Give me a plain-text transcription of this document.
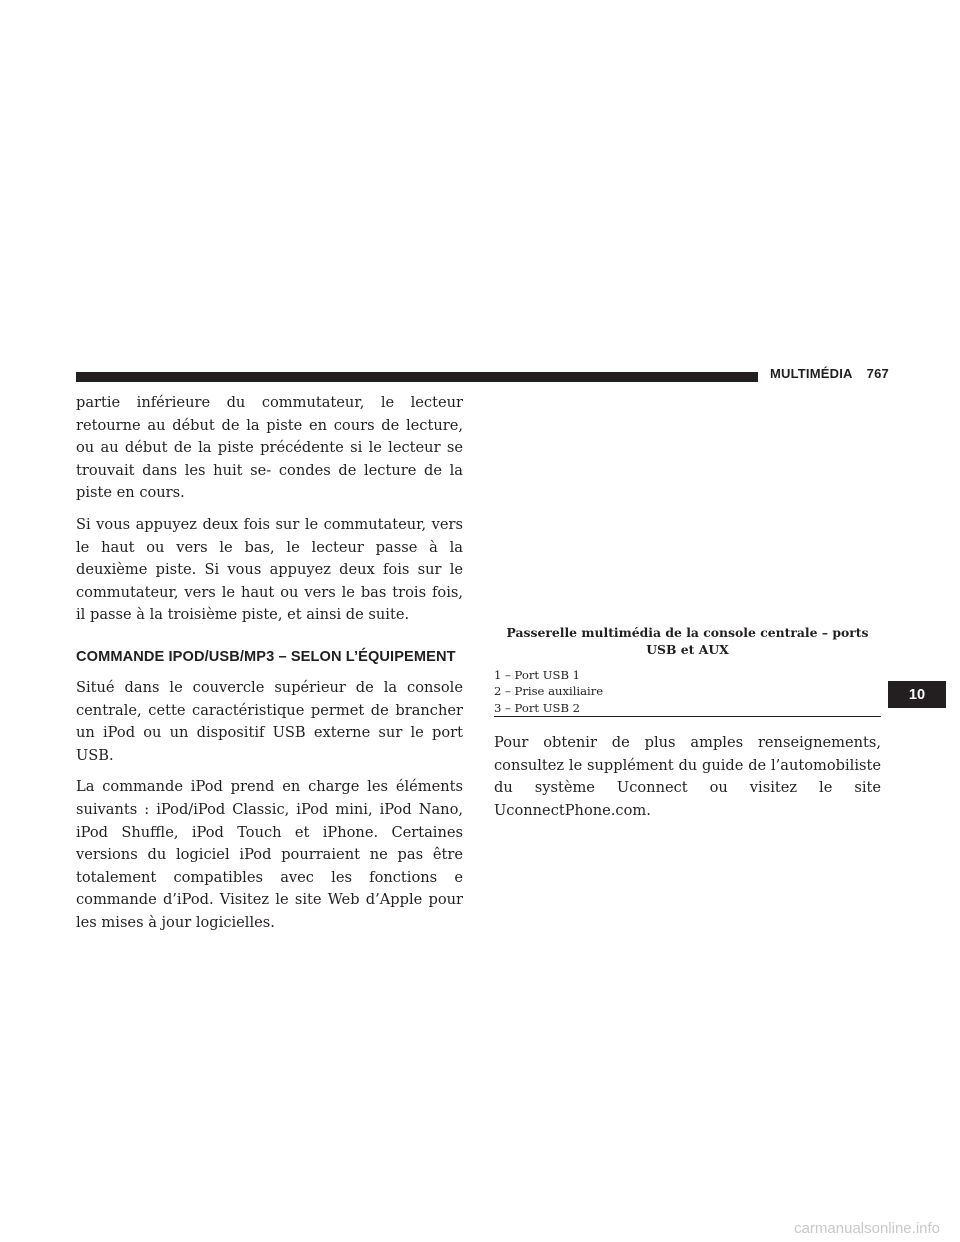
MULTIMÉDIA 767

partie inférieure du commutateur, le lecteur retourne au début de la piste en cours de lecture, ou au début de la piste précédente si le lecteur se trouvait dans les huit se- condes de lecture de la piste en cours.

Si vous appuyez deux fois sur le commutateur, vers le haut ou vers le bas, le lecteur passe à la deuxième piste. Si vous appuyez deux fois sur le commutateur, vers le haut ou vers le bas trois fois, il passe à la troisième piste, et ainsi de suite.

COMMANDE IPOD/USB/MP3 – SELON L’ÉQUIPEMENT

Situé dans le couvercle supérieur de la console centrale, cette caractéristique permet de brancher un iPod ou un dispositif USB externe sur le port USB.

La commande iPod prend en charge les éléments suivants : iPod/iPod Classic, iPod mini, iPod Nano, iPod Shuffle, iPod Touch et iPhone. Certaines versions du logiciel iPod pourraient ne pas être totalement compatibles avec les fonctions e commande d’iPod. Visitez le site Web d’Apple pour les mises à jour logicielles.

Passerelle multimédia de la console centrale – ports USB et AUX
1 – Port USB 1
2 – Prise auxiliaire
3 – Port USB 2

Pour obtenir de plus amples renseignements, consultez le supplément du guide de l’automobiliste du système Uconnect ou visitez le site UconnectPhone.com.

10
carmanualsonline.info
